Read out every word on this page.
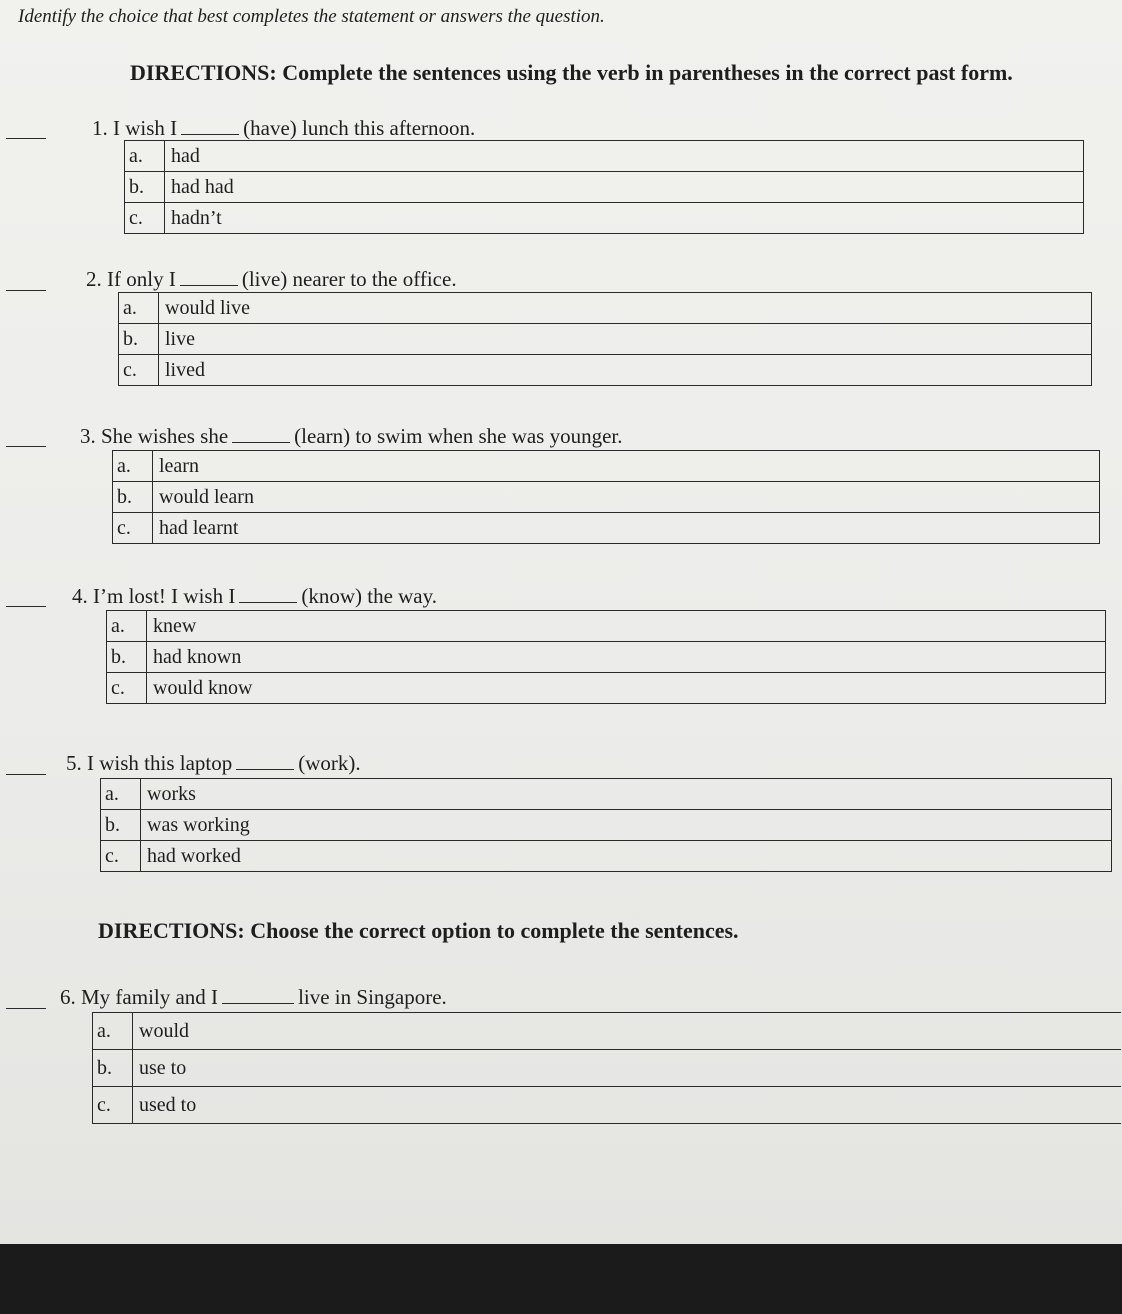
Identify the choice that best completes the statement or answers the question.
DIRECTIONS: Complete the sentences using the verb in parentheses in the correct past form.
1. I wish I	(have) lunch this afternoon.
a.	had
b.	had had
c.	hadn’t
2. If only I	(live) nearer to the office.
a.	would live
b.	live
c.	lived
3. She wishes she	(learn) to swim when she was younger.
a.	learn
b.	would learn
c.	had learnt
4. I’m lost! I wish I	(know) the way.
a.	knew
b.	had known
c.	would know
5. I wish this laptop	(work).
a.	works
b.	was working
c.	had worked
DIRECTIONS: Choose the correct option to complete the sentences.
6. My family and I	live in Singapore.
a.	would
b.	use to
c.	used to
